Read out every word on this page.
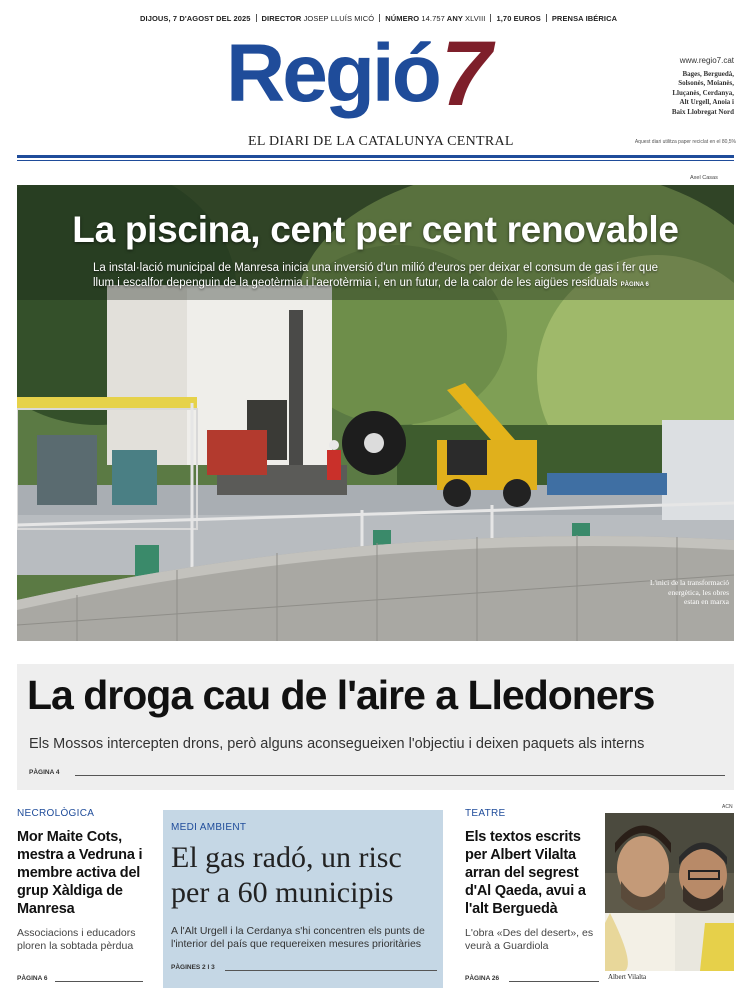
DIJOUS, 7 D'AGOST DEL 2025 DIRECTOR JOSEP LLUÍS MICÓ NÚMERO 14.757 ANY XLVIII 1,70 EUROS PRENSA IBÉRICA
Regió 7	www.regio7.cat
Bages, Berguedà,
Solsonès, Moianès,
Lluçanès, Cerdanya,
Alt Urgell, Anoia i
Baix Llobregat Nord
EL DIARI DE LA CATALUNYA CENTRAL	Aquest diari utilitza paper reciclat en el 80,5%
Axel Casas
La piscina, cent per cent renovable
La instal·lació municipal de Manresa inicia una inversió d'un milió d'euros per deixar el consum de gas i fer que llum i escalfor depenguin de la geotèrmia i l'aerotèrmia i, en un futur, de la calor de les aigües residuals PÀGINA 6
L'inici de la transformació
energètica, les obres
estan en marxa
La droga cau de l'aire a Lledoners
Els Mossos intercepten drons, però alguns aconsegueixen l'objectiu i deixen paquets als interns
PÀGINA 4
NECROLÒGICA
Mor Maite Cots, mestra a Vedruna i membre activa del grup Xàldiga de Manresa
Associacions i educadors ploren la sobtada pèrdua
PÀGINA 6
MEDI AMBIENT
El gas radó, un risc per a 60 municipis
A l'Alt Urgell i la Cerdanya s'hi concentren els punts de l'interior del país que requereixen mesures prioritàries
PÀGINES 2 I 3
TEATRE
Els textos escrits per Albert Vilalta arran del segrest d'Al Qaeda, avui a l'alt Berguedà
L'obra «Des del desert», es veurà a Guardiola
PÀGINA 26
ACN
Albert Vilalta
